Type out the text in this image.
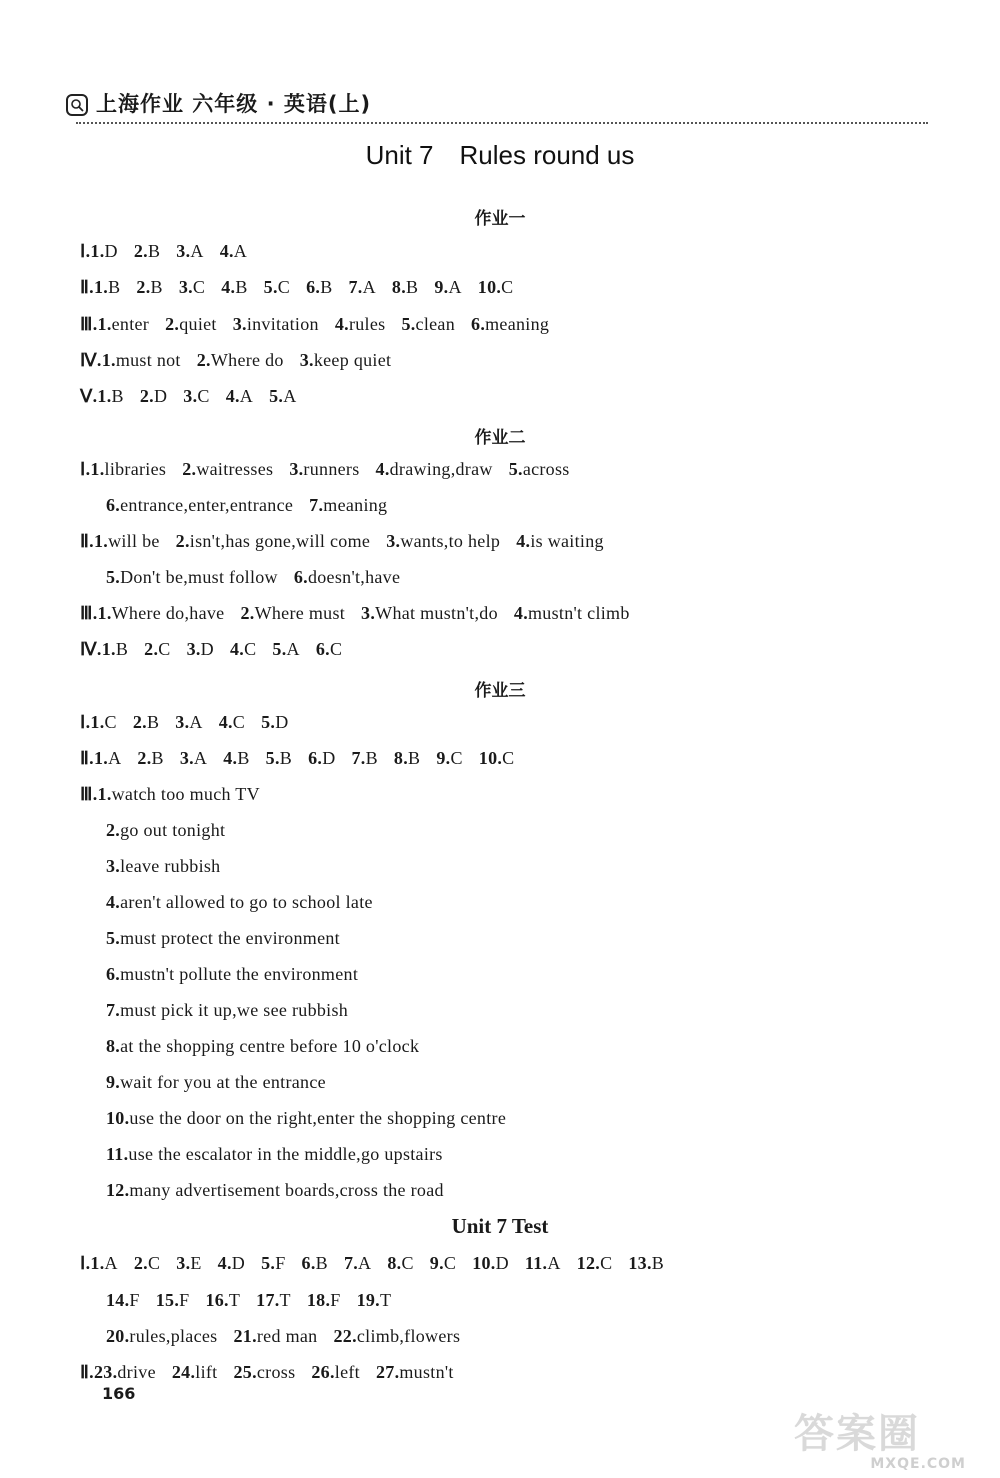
上海作业 六年级 · 英语(上)
Unit 7 Rules round us
作业一
Ⅰ.1.D 2.B 3.A 4.A
Ⅱ.1.B 2.B 3.C 4.B 5.C 6.B 7.A 8.B 9.A 10.C
Ⅲ.1.enter 2.quiet 3.invitation 4.rules 5.clean 6.meaning
Ⅳ.1.must not 2.Where do 3.keep quiet
Ⅴ.1.B 2.D 3.C 4.A 5.A
作业二
Ⅰ.1.libraries 2.waitresses 3.runners 4.drawing,draw 5.across
6.entrance,enter,entrance 7.meaning
Ⅱ.1.will be 2.isn't,has gone,will come 3.wants,to help 4.is waiting
5.Don't be,must follow 6.doesn't,have
Ⅲ.1.Where do,have 2.Where must 3.What mustn't,do 4.mustn't climb
Ⅳ.1.B 2.C 3.D 4.C 5.A 6.C
作业三
Ⅰ.1.C 2.B 3.A 4.C 5.D
Ⅱ.1.A 2.B 3.A 4.B 5.B 6.D 7.B 8.B 9.C 10.C
Ⅲ.1.watch too much TV
2.go out tonight
3.leave rubbish
4.aren't allowed to go to school late
5.must protect the environment
6.mustn't pollute the environment
7.must pick it up,we see rubbish
8.at the shopping centre before 10 o'clock
9.wait for you at the entrance
10.use the door on the right,enter the shopping centre
11.use the escalator in the middle,go upstairs
12.many advertisement boards,cross the road
Unit 7 Test
Ⅰ.1.A 2.C 3.E 4.D 5.F 6.B 7.A 8.C 9.C 10.D 11.A 12.C 13.B
14.F 15.F 16.T 17.T 18.F 19.T
20.rules,places 21.red man 22.climb,flowers
Ⅱ.23.drive 24.lift 25.cross 26.left 27.mustn't
166
答案圈
MXQE.COM
